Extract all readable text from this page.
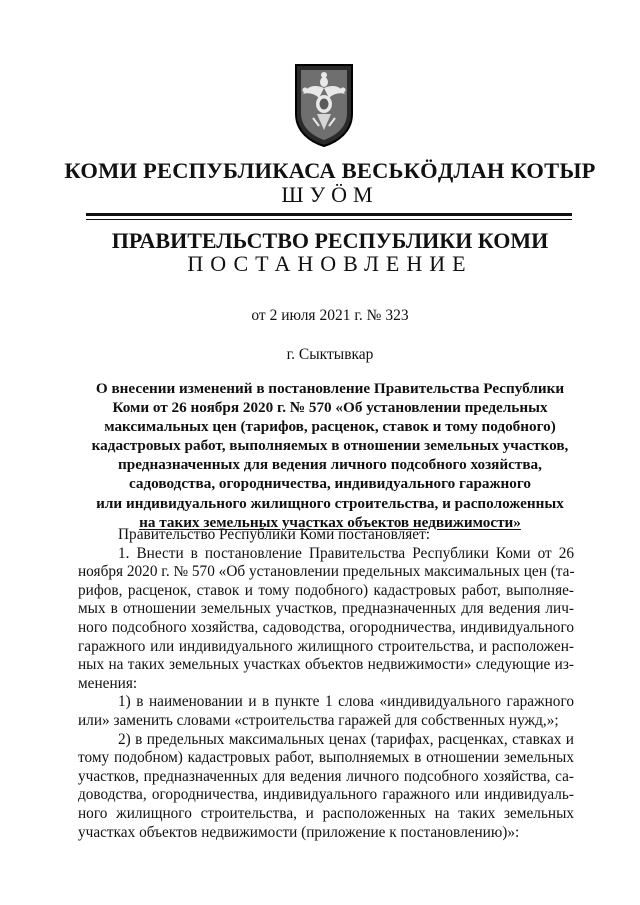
КОМИ РЕСПУБЛИКАСА ВЕСЬКӦДЛАН КОТЫР
ШУӦМ
ПРАВИТЕЛЬСТВО РЕСПУБЛИКИ КОМИ
ПОСТАНОВЛЕНИЕ
от 2 июля 2021 г. № 323
г. Сыктывкар
О внесении изменений в постановление Правительства Республики
Коми от 26 ноября 2020 г. № 570 «Об установлении предельных
максимальных цен (тарифов, расценок, ставок и тому подобного)
кадастровых работ, выполняемых в отношении земельных участков,
предназначенных для ведения личного подсобного хозяйства,
садоводства, огородничества, индивидуального гаражного
или индивидуального жилищного строительства, и расположенных
на таких земельных участках объектов недвижимости»
Правительство Республики Коми постановляет:
1. Внести в постановление Правительства Республики Коми от 26
ноября 2020 г. № 570 «Об установлении предельных максимальных цен (та-
рифов, расценок, ставок и тому подобного) кадастровых работ, выполняе-
мых в отношении земельных участков, предназначенных для ведения лич-
ного подсобного хозяйства, садоводства, огородничества, индивидуального
гаражного или индивидуального жилищного строительства, и расположен-
ных на таких земельных участках объектов недвижимости» следующие из-
менения:
1) в наименовании и в пункте 1 слова «индивидуального гаражного
или» заменить словами «строительства гаражей для собственных нужд,»;
2) в предельных максимальных ценах (тарифах, расценках, ставках и
тому подобном) кадастровых работ, выполняемых в отношении земельных
участков, предназначенных для ведения личного подсобного хозяйства, са-
доводства, огородничества, индивидуального гаражного или индивидуаль-
ного жилищного строительства, и расположенных на таких земельных
участках объектов недвижимости (приложение к постановлению)»:
